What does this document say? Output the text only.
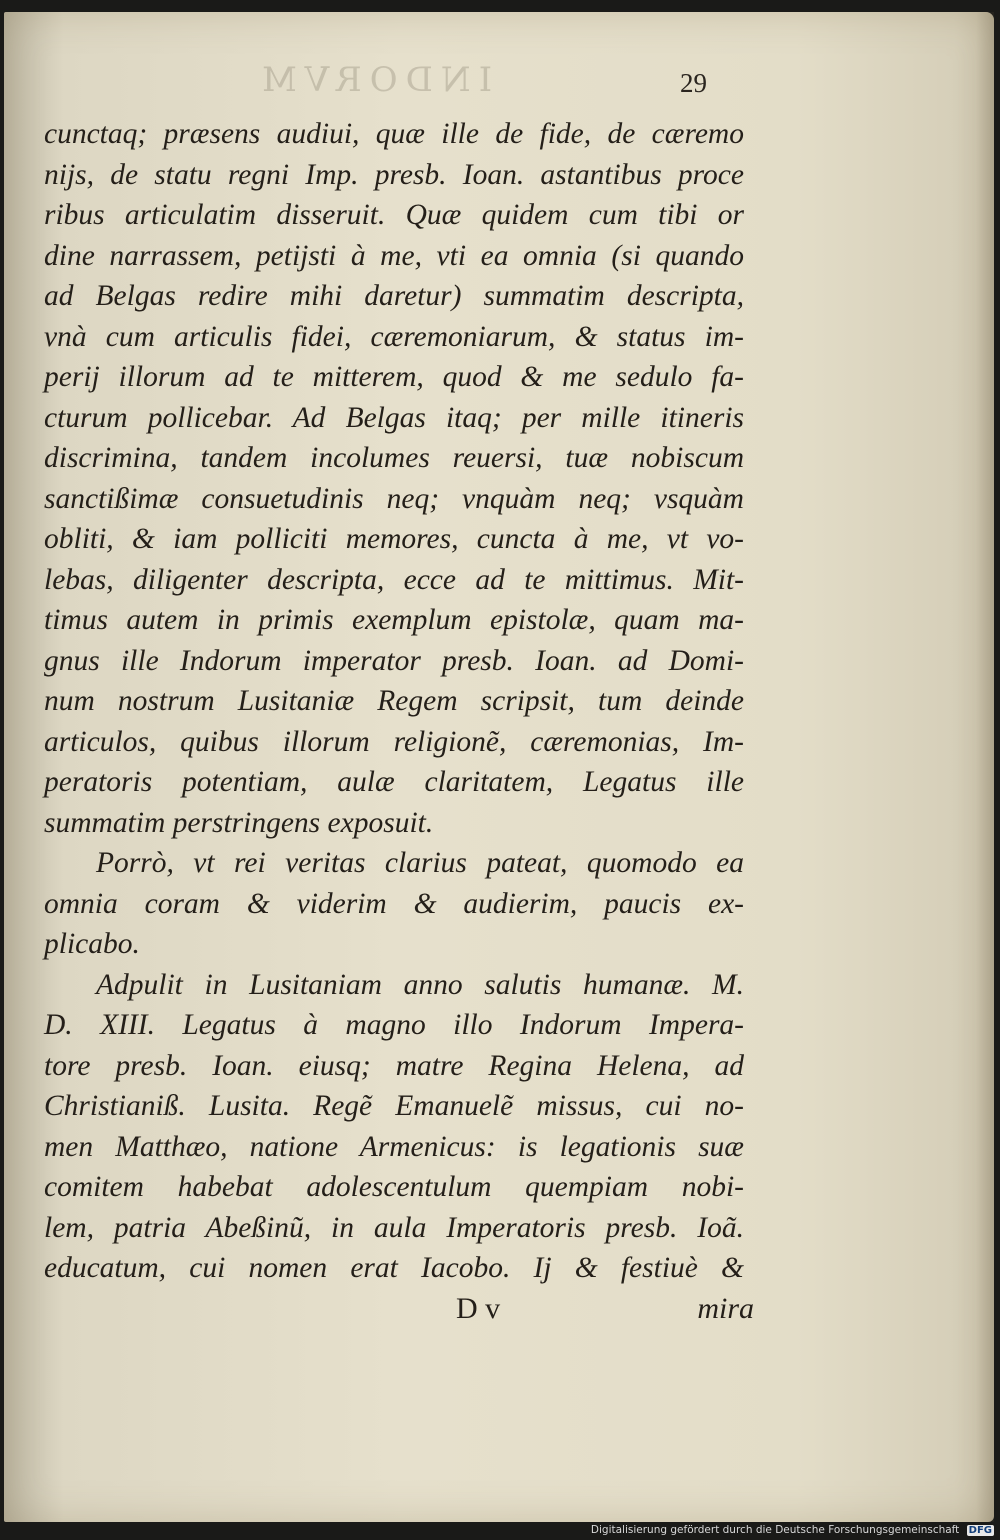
INDORVM	29
cunctaq; præsens audiui, quæ ille de fide, de cæremo
nijs, de statu regni Imp. presb. Ioan. astantibus proce
ribus articulatim disseruit. Quæ quidem cum tibi or
dine narrassem, petijsti à me, vti ea omnia (si quando
ad Belgas redire mihi daretur) summatim descripta,
vnà cum articulis fidei, cæremoniarum, & status im-
perij illorum ad te mitterem, quod & me sedulo fa-
cturum pollicebar. Ad Belgas itaq; per mille itineris
discrimina, tandem incolumes reuersi, tuæ nobiscum
sanctißimæ consuetudinis neq; vnquàm neq; vsquàm
obliti, & iam polliciti memores, cuncta à me, vt vo-
lebas, diligenter descripta, ecce ad te mittimus. Mit-
timus autem in primis exemplum epistolæ, quam ma-
gnus ille Indorum imperator presb. Ioan. ad Domi-
num nostrum Lusitaniæ Regem scripsit, tum deinde
articulos, quibus illorum religionẽ, cæremonias, Im-
peratoris potentiam, aulæ claritatem, Legatus ille
summatim perstringens exposuit.
Porrò, vt rei veritas clarius pateat, quomodo ea
omnia coram & viderim & audierim, paucis ex-
plicabo.
Adpulit in Lusitaniam anno salutis humanæ. M.
D. XIII. Legatus à magno illo Indorum Impera-
tore presb. Ioan. eiusq; matre Regina Helena, ad
Christianiß. Lusita. Regẽ Emanuelẽ missus, cui no-
men Matthæo, natione Armenicus: is legationis suæ
comitem habebat adolescentulum quempiam nobi-
lem, patria Abeßinũ, in aula Imperatoris presb. Ioã.
educatum, cui nomen erat Iacobo. Ij & festiuè &
D v	mira
Digitalisierung gefördert durch die Deutsche Forschungsgemeinschaft DFG
